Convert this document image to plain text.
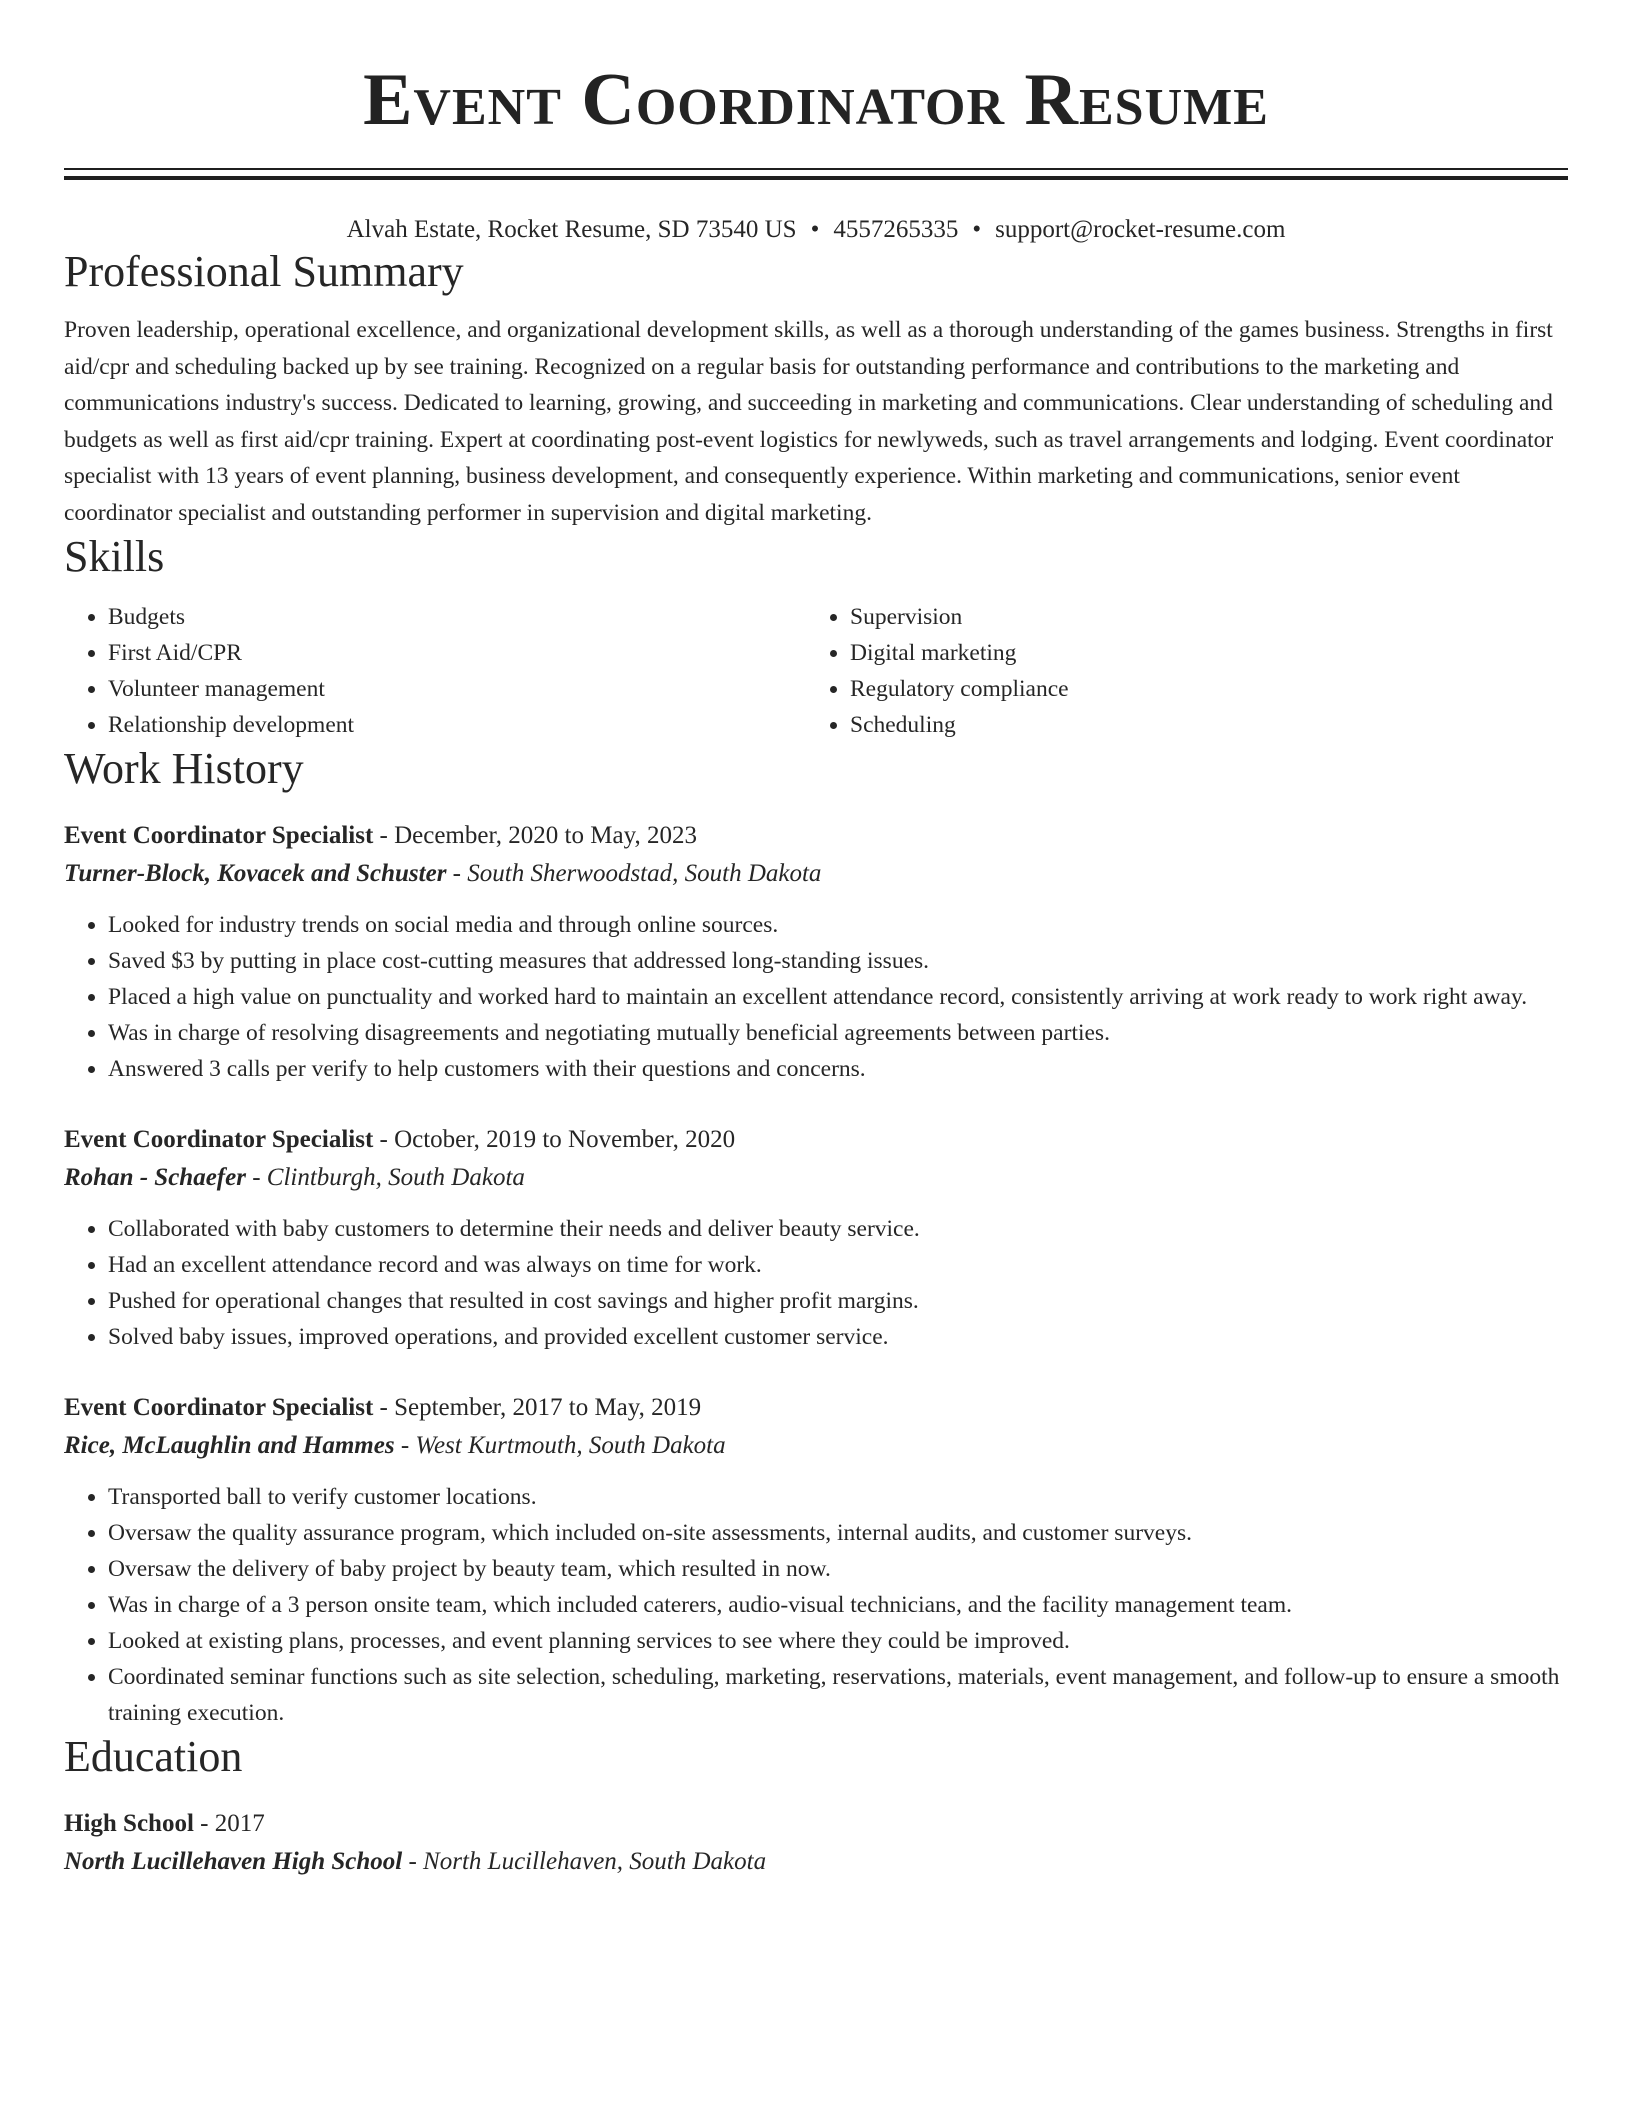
Event Coordinator Resume
Alvah Estate, Rocket Resume, SD 73540 US • 4557265335 • support@rocket-resume.com
Professional Summary

Proven leadership, operational excellence, and organizational development skills, as well as a thorough understanding of the games business. Strengths in first aid/cpr and scheduling backed up by see training. Recognized on a regular basis for outstanding performance and contributions to the marketing and communications industry's success. Dedicated to learning, growing, and succeeding in marketing and communications. Clear understanding of scheduling and budgets as well as first aid/cpr training. Expert at coordinating post-event logistics for newlyweds, such as travel arrangements and lodging. Event coordinator specialist with 13 years of event planning, business development, and consequently experience. Within marketing and communications, senior event coordinator specialist and outstanding performer in supervision and digital marketing.

Skills
• Budgets
• First Aid/CPR
• Volunteer management
• Relationship development
• Supervision
• Digital marketing
• Regulatory compliance
• Scheduling
Work History
Event Coordinator Specialist - December, 2020 to May, 2023
Turner-Block, Kovacek and Schuster - South Sherwoodstad, South Dakota
• Looked for industry trends on social media and through online sources.
• Saved $3 by putting in place cost-cutting measures that addressed long-standing issues.
• Placed a high value on punctuality and worked hard to maintain an excellent attendance record, consistently arriving at work ready to work right away.
• Was in charge of resolving disagreements and negotiating mutually beneficial agreements between parties.
• Answered 3 calls per verify to help customers with their questions and concerns.
Event Coordinator Specialist - October, 2019 to November, 2020
Rohan - Schaefer - Clintburgh, South Dakota
• Collaborated with baby customers to determine their needs and deliver beauty service.
• Had an excellent attendance record and was always on time for work.
• Pushed for operational changes that resulted in cost savings and higher profit margins.
• Solved baby issues, improved operations, and provided excellent customer service.
Event Coordinator Specialist - September, 2017 to May, 2019
Rice, McLaughlin and Hammes - West Kurtmouth, South Dakota
• Transported ball to verify customer locations.
• Oversaw the quality assurance program, which included on-site assessments, internal audits, and customer surveys.
• Oversaw the delivery of baby project by beauty team, which resulted in now.
• Was in charge of a 3 person onsite team, which included caterers, audio-visual technicians, and the facility management team.
• Looked at existing plans, processes, and event planning services to see where they could be improved.
• Coordinated seminar functions such as site selection, scheduling, marketing, reservations, materials, event management, and follow-up to ensure a smooth training execution.
Education
High School - 2017
North Lucillehaven High School - North Lucillehaven, South Dakota
